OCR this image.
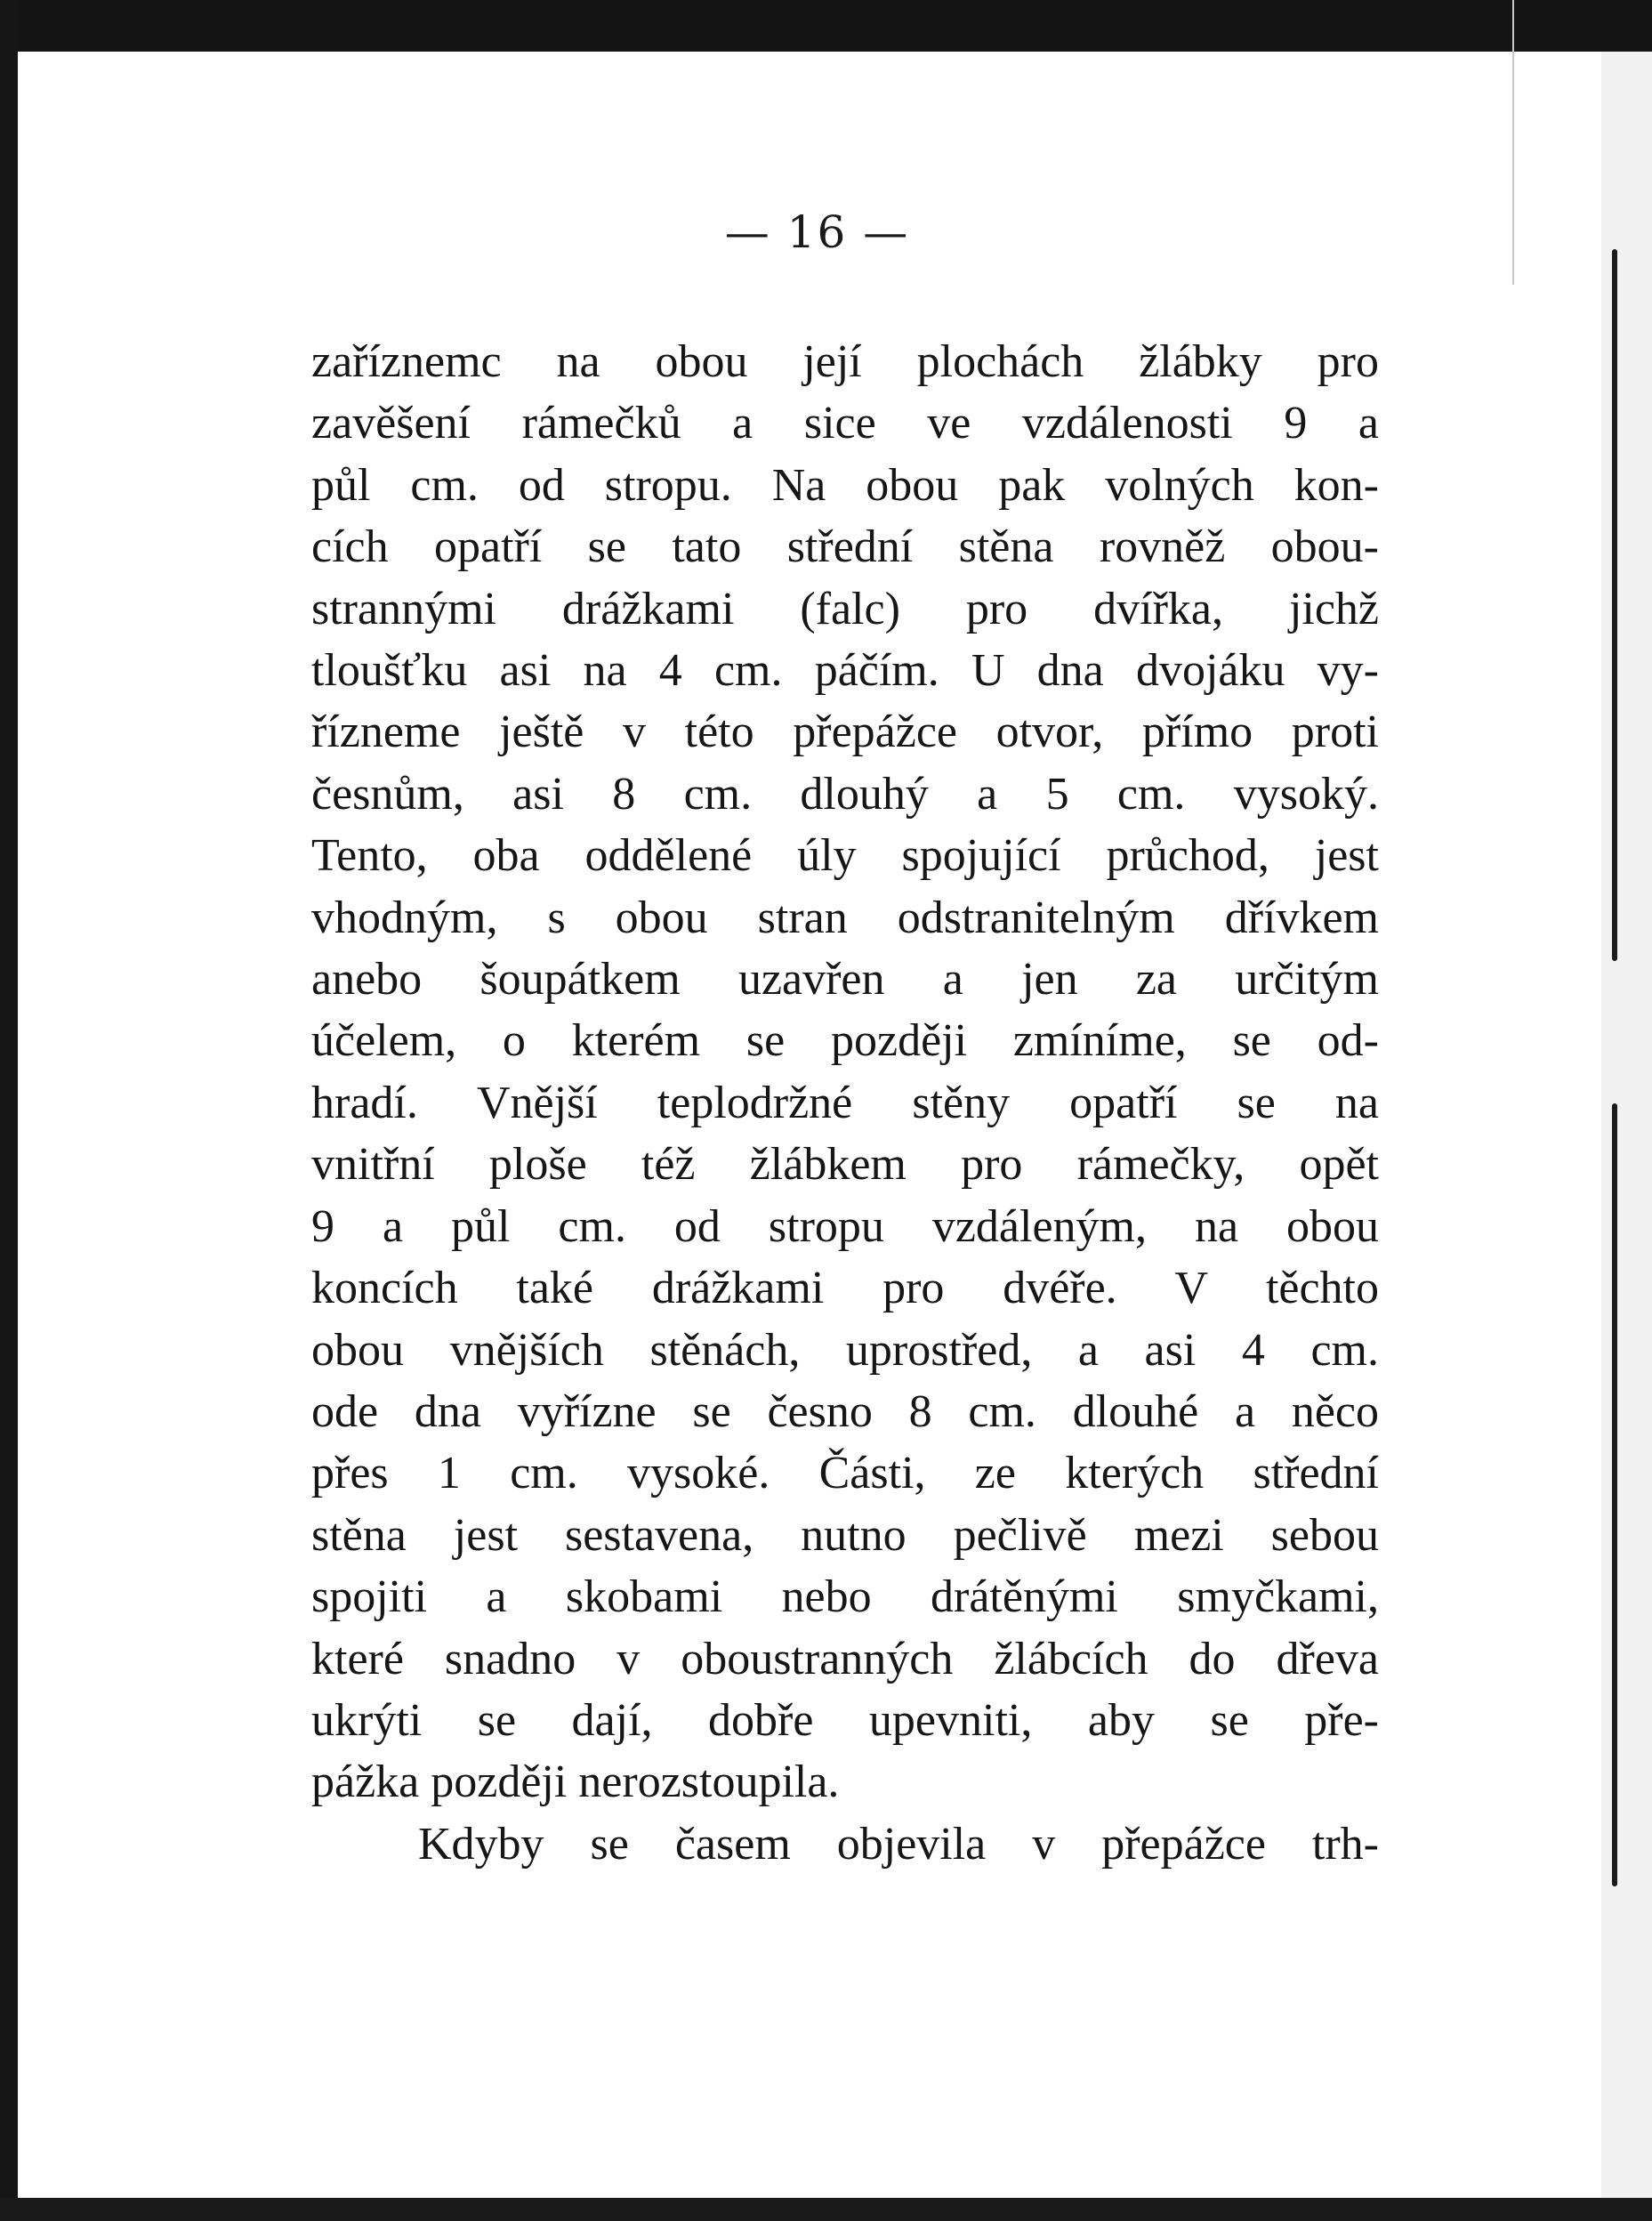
— 16 —
zaříznemc na obou její plochách žlábky pro
zavěšení rámečků a sice ve vzdálenosti 9 a
půl cm. od stropu. Na obou pak volných kon-
cích opatří se tato střední stěna rovněž obou-
strannými drážkami (falc) pro dvířka, jichž
tloušťku asi na 4 cm. páčím. U dna dvojáku vy-
řízneme ještě v této přepážce otvor, přímo proti
česnům, asi 8 cm. dlouhý a 5 cm. vysoký.
Tento, oba oddělené úly spojující průchod, jest
vhodným, s obou stran odstranitelným dřívkem
anebo šoupátkem uzavřen a jen za určitým
účelem, o kterém se později zmíníme, se od-
hradí. Vnější teplodržné stěny opatří se na
vnitřní ploše též žlábkem pro rámečky, opět
9 a půl cm. od stropu vzdáleným, na obou
koncích také drážkami pro dvéře. V těchto
obou vnějších stěnách, uprostřed, a asi 4 cm.
ode dna vyřízne se česno 8 cm. dlouhé a něco
přes 1 cm. vysoké. Části, ze kterých střední
stěna jest sestavena, nutno pečlivě mezi sebou
spojiti a skobami nebo drátěnými smyčkami,
které snadno v oboustranných žlábcích do dřeva
ukrýti se dají, dobře upevniti, aby se pře-
pážka později nerozstoupila.
Kdyby se časem objevila v přepážce trh-
